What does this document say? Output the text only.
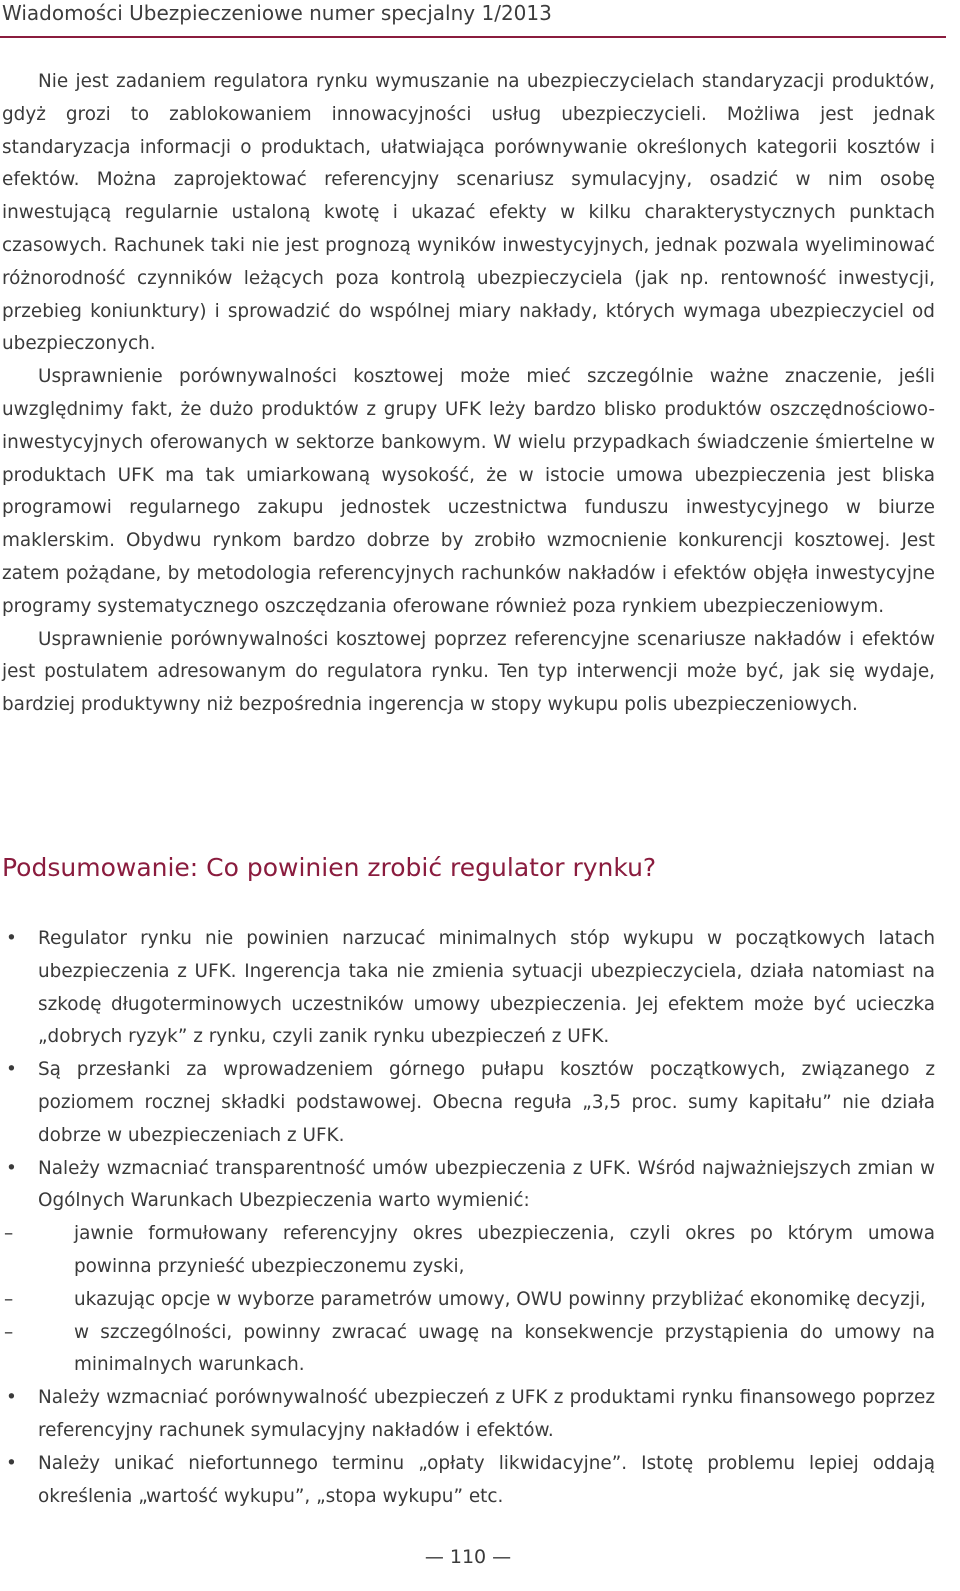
Wiadomości Ubezpieczeniowe numer specjalny 1/2013

Nie jest zadaniem regulatora rynku wymuszanie na ubezpieczycielach standaryzacji produktów, gdyż grozi to zablokowaniem innowacyjności usług ubezpieczycieli. Możliwa jest jednak standaryzacja informacji o produktach, ułatwiająca porównywanie określonych kategorii kosztów i efektów. Można zaprojektować referencyjny scenariusz symulacyjny, osadzić w nim osobę inwestującą regularnie ustaloną kwotę i ukazać efekty w kilku charakterystycznych punktach czasowych. Rachunek taki nie jest prognozą wyników inwestycyjnych, jednak pozwala wyeliminować różnorodność czynników leżących poza kontrolą ubezpieczyciela (jak np. rentowność inwestycji, przebieg koniunktury) i sprowadzić do wspólnej miary nakłady, których wymaga ubezpieczyciel od ubezpieczonych.

Usprawnienie porównywalności kosztowej może mieć szczególnie ważne znaczenie, jeśli uwzględnimy fakt, że dużo produktów z grupy UFK leży bardzo blisko produktów oszczędnościowo-inwestycyjnych oferowanych w sektorze bankowym. W wielu przypadkach świadczenie śmiertelne w produktach UFK ma tak umiarkowaną wysokość, że w istocie umowa ubezpieczenia jest bliska programowi regularnego zakupu jednostek uczestnictwa funduszu inwestycyjnego w biurze maklerskim. Obydwu rynkom bardzo dobrze by zrobiło wzmocnienie konkurencji kosztowej. Jest zatem pożądane, by metodologia referencyjnych rachunków nakładów i efektów objęła inwestycyjne programy systematycznego oszczędzania oferowane również poza rynkiem ubezpieczeniowym.

Usprawnienie porównywalności kosztowej poprzez referencyjne scenariusze nakładów i efektów jest postulatem adresowanym do regulatora rynku. Ten typ interwencji może być, jak się wydaje, bardziej produktywny niż bezpośrednia ingerencja w stopy wykupu polis ubezpieczeniowych.

Podsumowanie: Co powinien zrobić regulator rynku?
• Regulator rynku nie powinien narzucać minimalnych stóp wykupu w początkowych latach ubezpieczenia z UFK. Ingerencja taka nie zmienia sytuacji ubezpieczyciela, działa natomiast na szkodę długoterminowych uczestników umowy ubezpieczenia. Jej efektem może być ucieczka „dobrych ryzyk” z rynku, czyli zanik rynku ubezpieczeń z UFK.

• Są przesłanki za wprowadzeniem górnego pułapu kosztów początkowych, związanego z poziomem rocznej składki podstawowej. Obecna reguła „3,5 proc. sumy kapitału” nie działa dobrze w ubezpieczeniach z UFK.

• Należy wzmacniać transparentność umów ubezpieczenia z UFK. Wśród najważniejszych zmian w Ogólnych Warunkach Ubezpieczenia warto wymienić:

–	jawnie formułowany referencyjny okres ubezpieczenia, czyli okres po którym umowa powinna przynieść ubezpieczonemu zyski,

–	ukazując opcje w wyborze parametrów umowy, OWU powinny przybliżać ekonomikę decyzji,

–	w szczególności, powinny zwracać uwagę na konsekwencje przystąpienia do umowy na minimalnych warunkach.

• Należy wzmacniać porównywalność ubezpieczeń z UFK z produktami rynku finansowego poprzez referencyjny rachunek symulacyjny nakładów i efektów.

• Należy unikać niefortunnego terminu „opłaty likwidacyjne”. Istotę problemu lepiej oddają określenia „wartość wykupu”, „stopa wykupu” etc.

— 110 —
